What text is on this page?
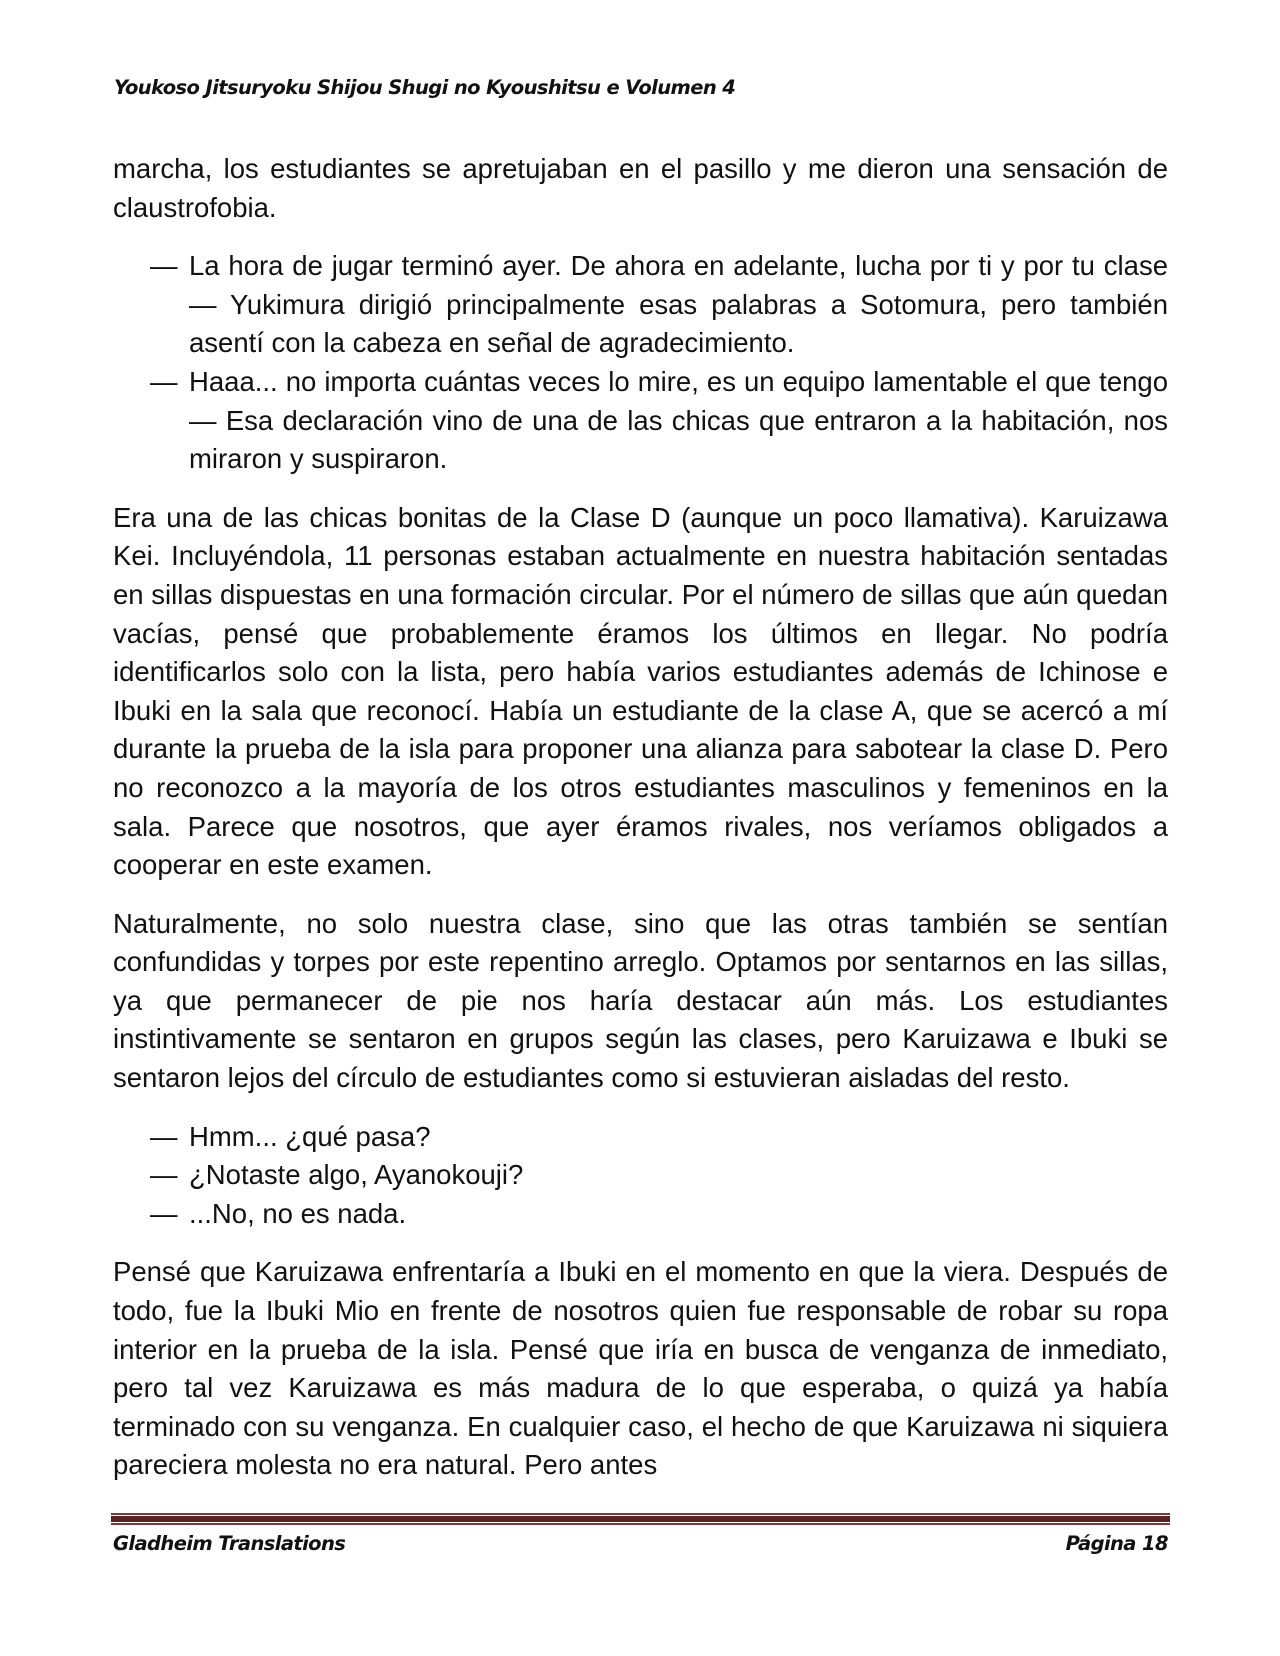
Youkoso Jitsuryoku Shijou Shugi no Kyoushitsu e Volumen 4

marcha, los estudiantes se apretujaban en el pasillo y me dieron una sensación de claustrofobia.

— La hora de jugar terminó ayer. De ahora en adelante, lucha por ti y por tu clase— Yukimura dirigió principalmente esas palabras a Sotomura, pero también asentí con la cabeza en señal de agradecimiento.
— Haaa... no importa cuántas veces lo mire, es un equipo lamentable el que tengo— Esa declaración vino de una de las chicas que entraron a la habitación, nos miraron y suspiraron.

Era una de las chicas bonitas de la Clase D (aunque un poco llamativa). Karuizawa Kei. Incluyéndola, 11 personas estaban actualmente en nuestra habitación sentadas en sillas dispuestas en una formación circular. Por el número de sillas que aún quedan vacías, pensé que probablemente éramos los últimos en llegar. No podría identificarlos solo con la lista, pero había varios estudiantes además de Ichinose e Ibuki en la sala que reconocí. Había un estudiante de la clase A, que se acercó a mí durante la prueba de la isla para proponer una alianza para sabotear la clase D. Pero no reconozco a la mayoría de los otros estudiantes masculinos y femeninos en la sala. Parece que nosotros, que ayer éramos rivales, nos veríamos obligados a cooperar en este examen.

Naturalmente, no solo nuestra clase, sino que las otras también se sentían confundidas y torpes por este repentino arreglo. Optamos por sentarnos en las sillas, ya que permanecer de pie nos haría destacar aún más. Los estudiantes instintivamente se sentaron en grupos según las clases, pero Karuizawa e Ibuki se sentaron lejos del círculo de estudiantes como si estuvieran aisladas del resto.

— Hmm... ¿qué pasa?
— ¿Notaste algo, Ayanokouji?
— ...No, no es nada.

Pensé que Karuizawa enfrentaría a Ibuki en el momento en que la viera. Después de todo, fue la Ibuki Mio en frente de nosotros quien fue responsable de robar su ropa interior en la prueba de la isla. Pensé que iría en busca de venganza de inmediato, pero tal vez Karuizawa es más madura de lo que esperaba, o quizá ya había terminado con su venganza. En cualquier caso, el hecho de que Karuizawa ni siquiera pareciera molesta no era natural. Pero antes

Gladheim Translations	Página 18
